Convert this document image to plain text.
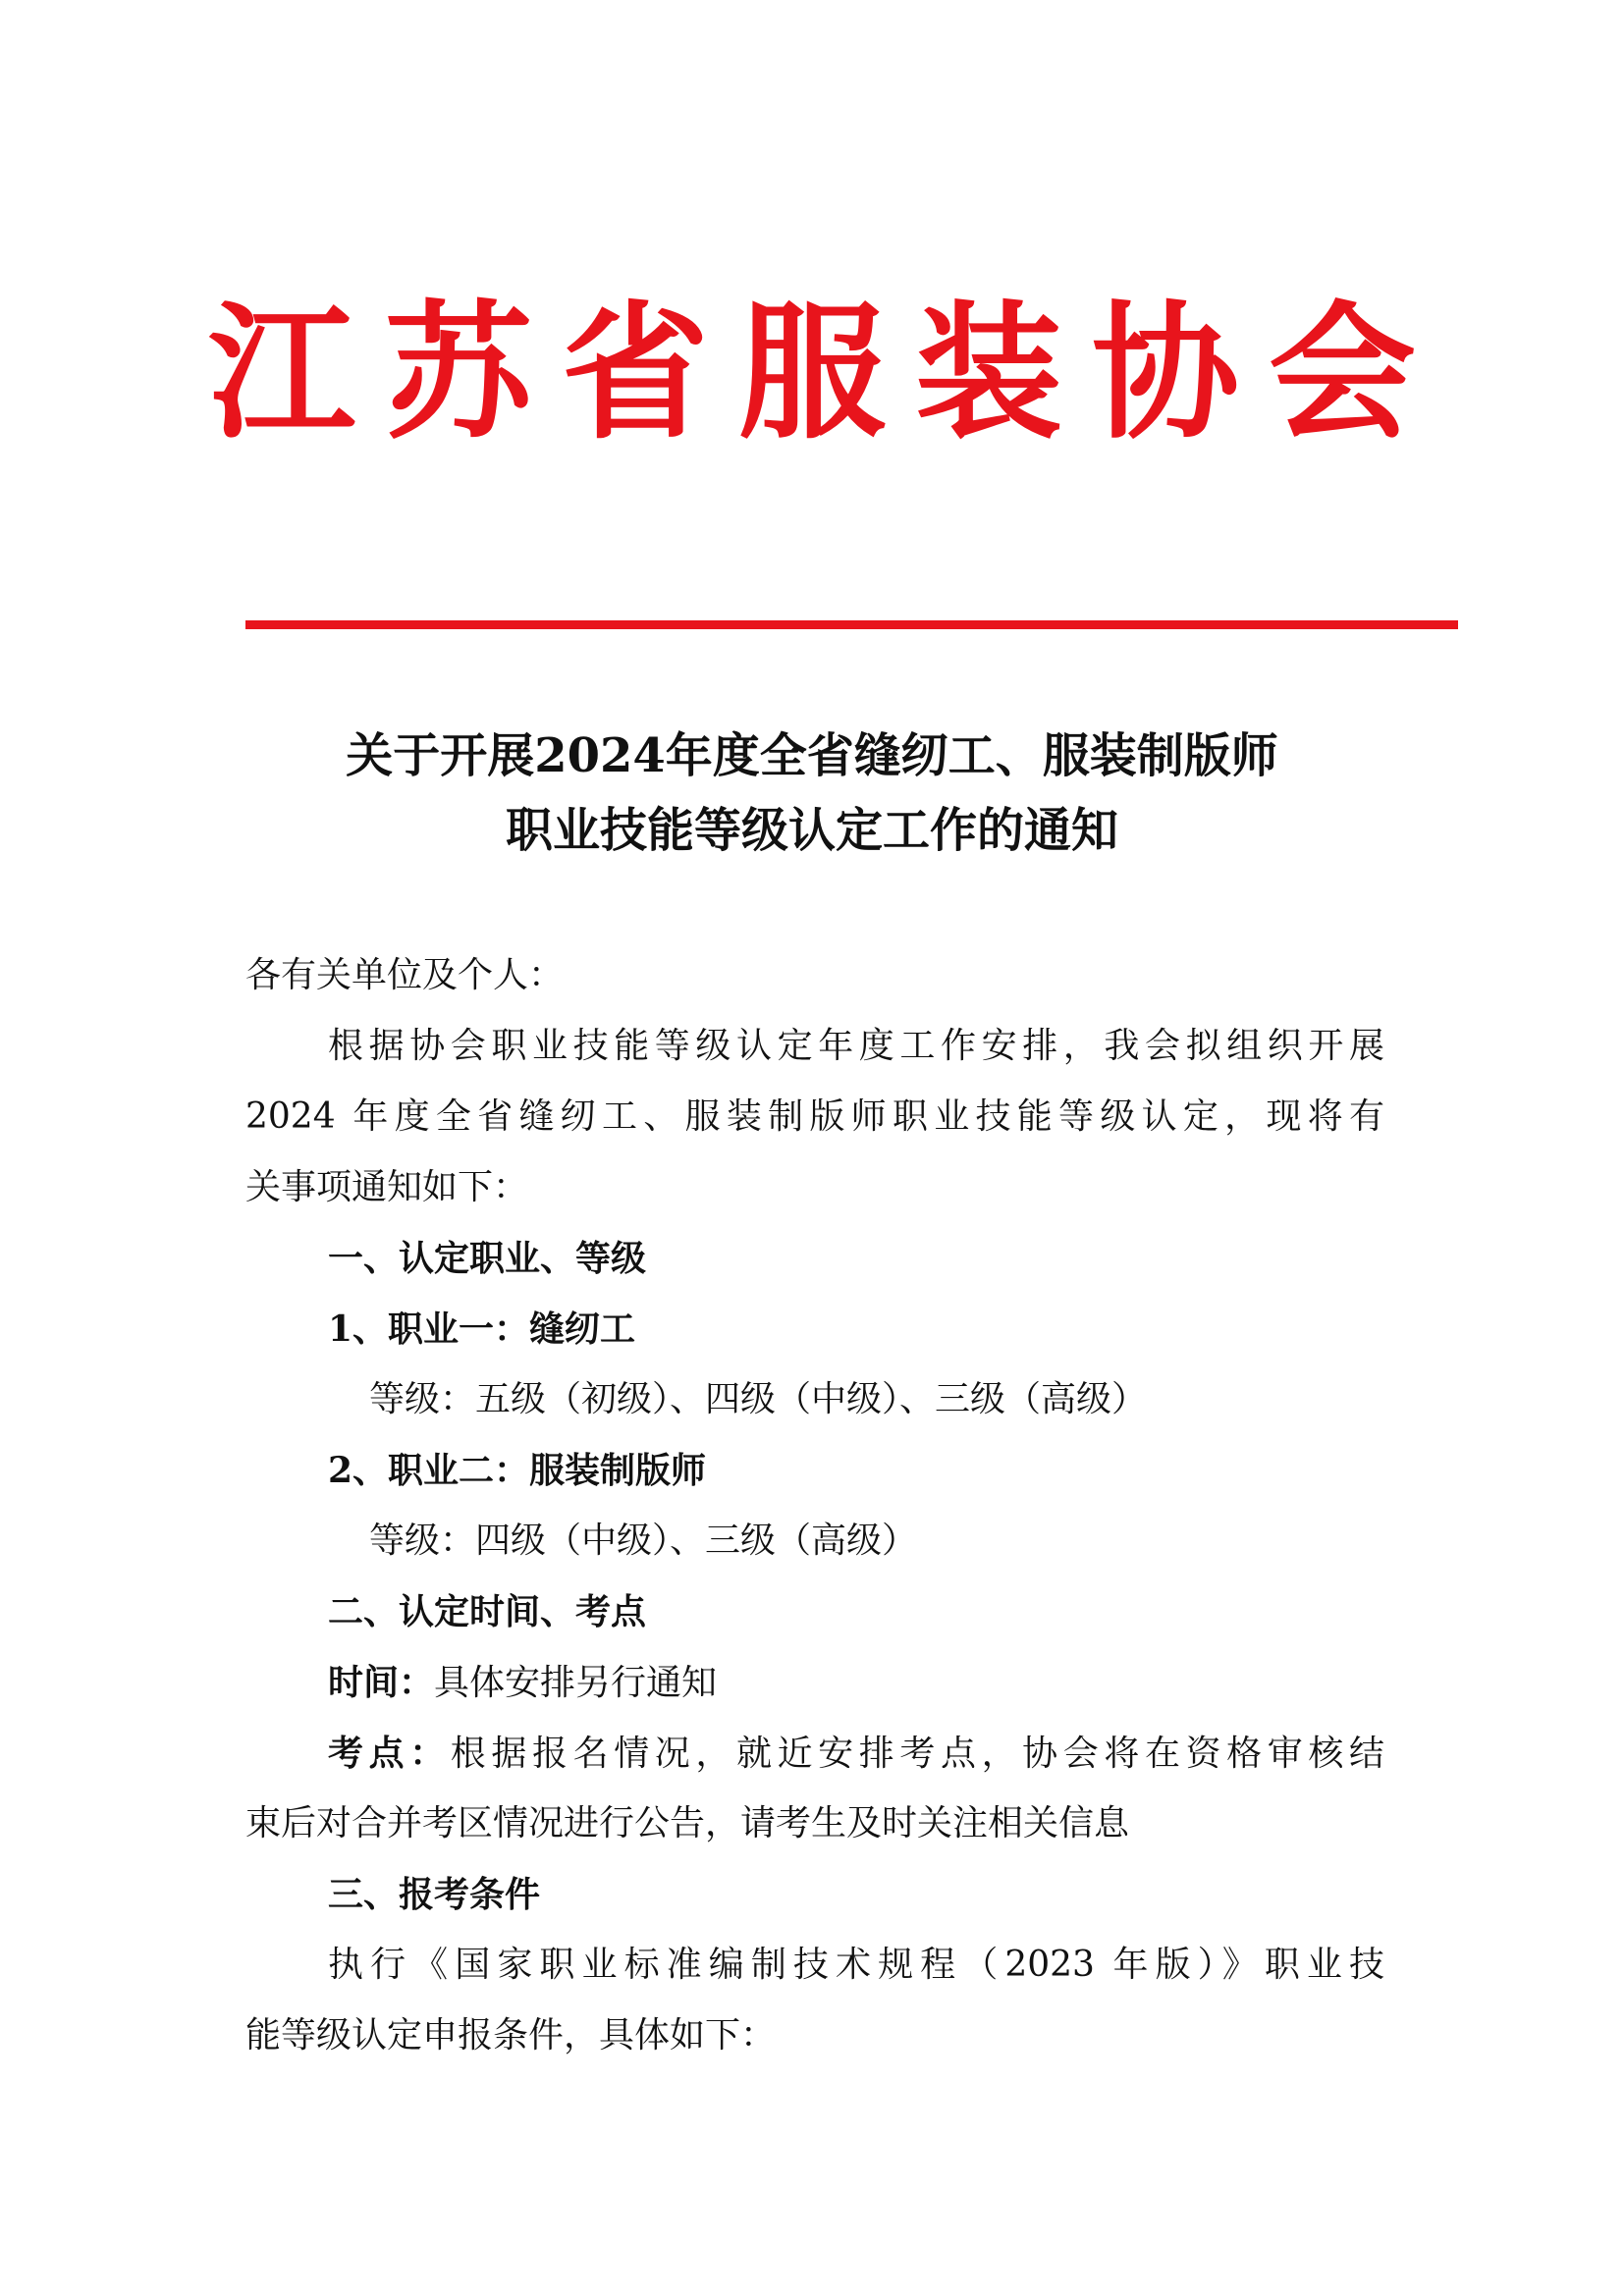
江苏省服装协会
关于开展2024年度全省缝纫工、服装制版师
职业技能等级认定工作的通知
各有关单位及个人：
根据协会职业技能等级认定年度工作安排，我会拟组织开展
2024 年度全省缝纫工、服装制版师职业技能等级认定，现将有
关事项通知如下：
一、认定职业、等级
1、职业一：缝纫工
等级：五级（初级）、四级（中级）、三级（高级）
2、职业二：服装制版师
等级：四级（中级）、三级（高级）
二、认定时间、考点
时间：具体安排另行通知
考点：根据报名情况，就近安排考点，协会将在资格审核结
束后对合并考区情况进行公告，请考生及时关注相关信息
三、报考条件
执行《国家职业标准编制技术规程（2023 年版）》职业技
能等级认定申报条件，具体如下：
